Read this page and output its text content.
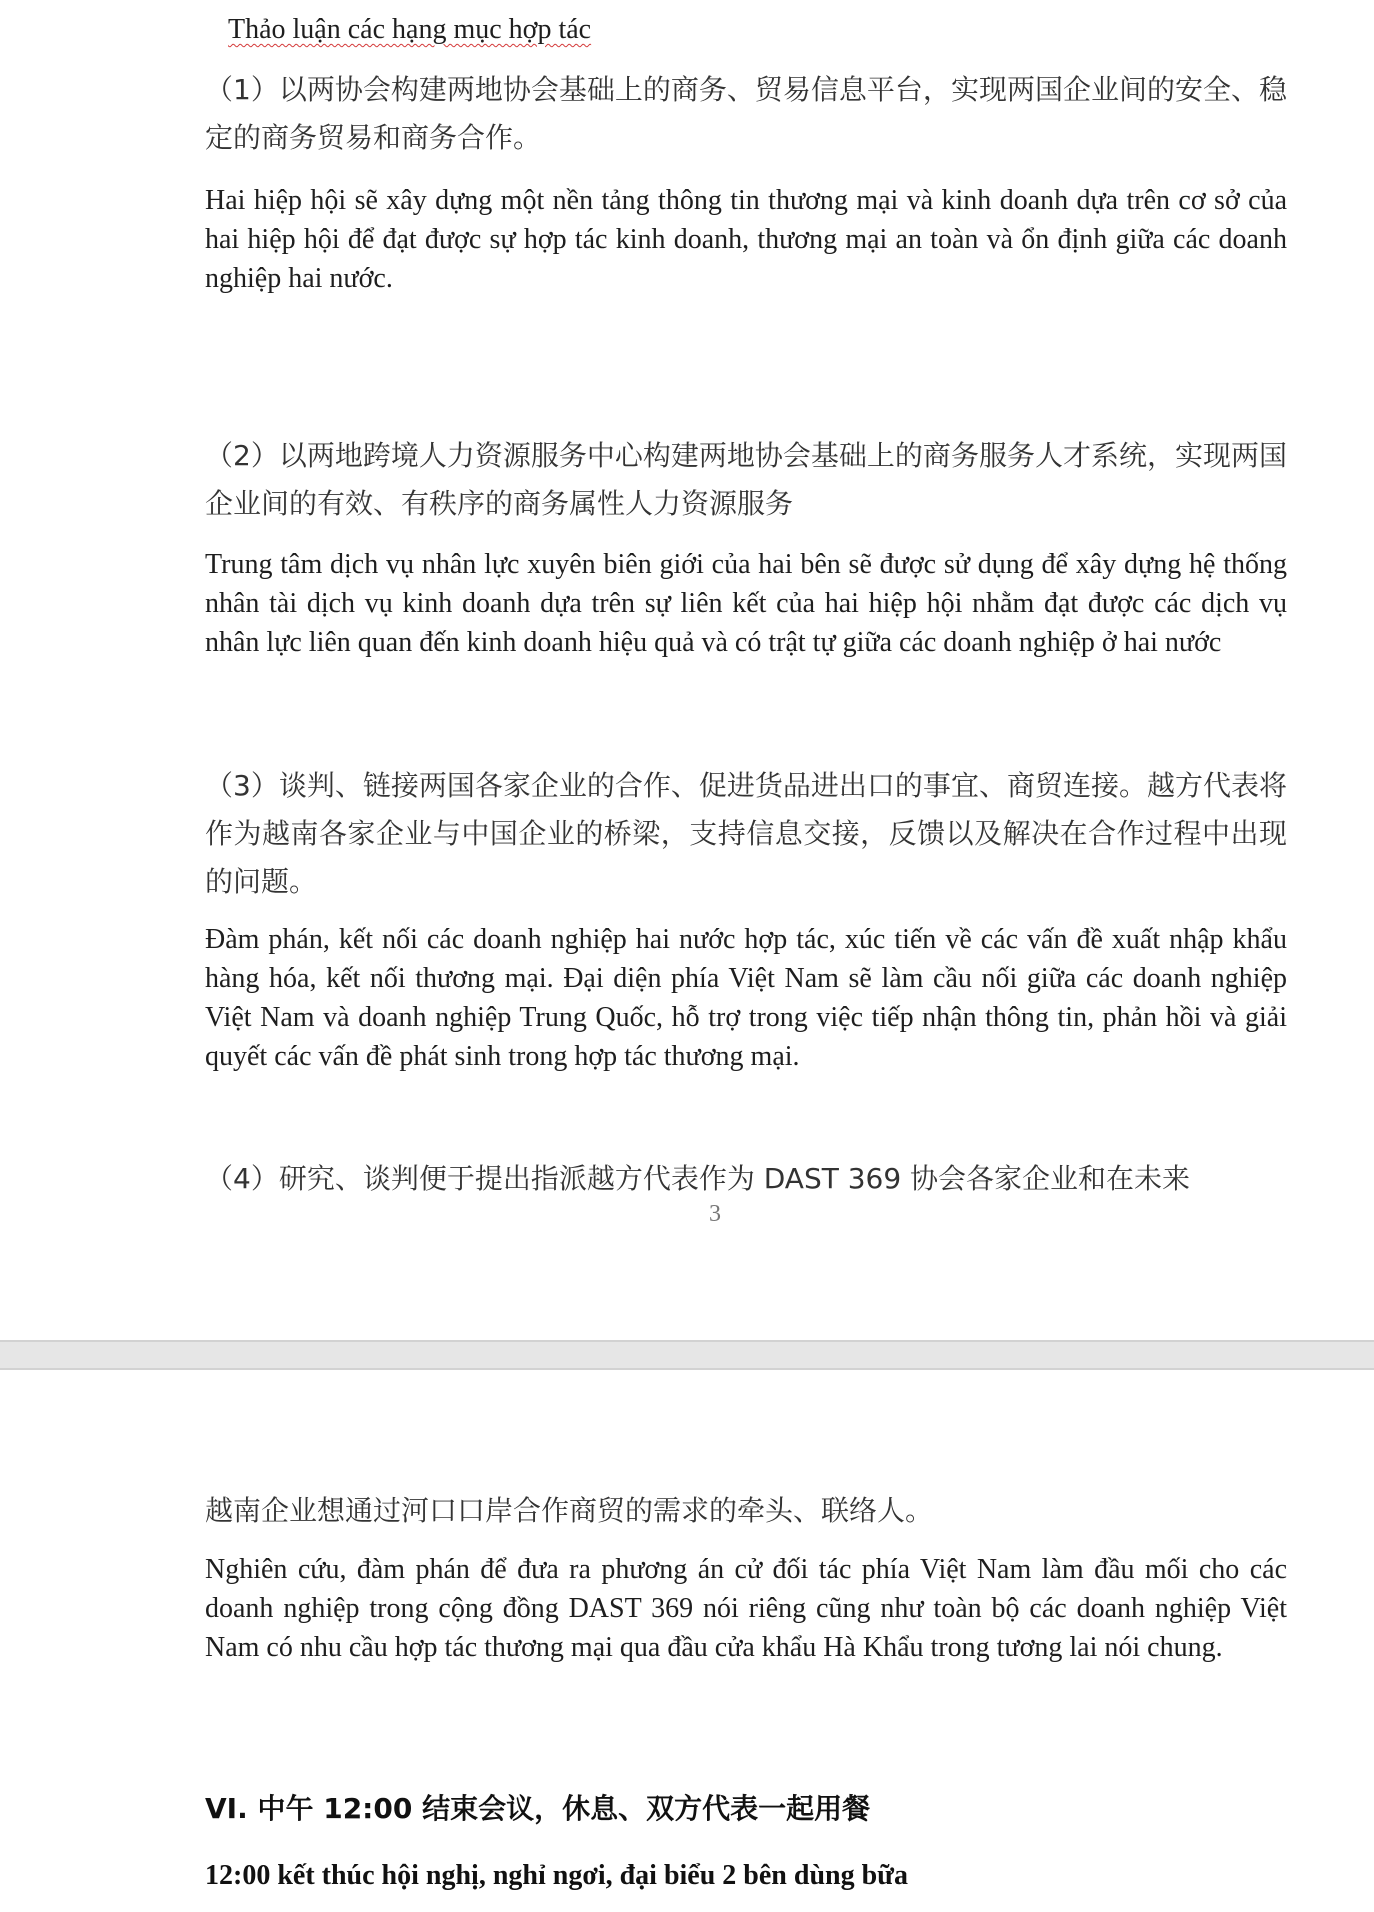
Thảo luận các hạng mục hợp tác

（1）以两协会构建两地协会基础上的商务、贸易信息平台，实现两国企业间的安全、稳定的商务贸易和商务合作。

Hai hiệp hội sẽ xây dựng một nền tảng thông tin thương mại và kinh doanh dựa trên cơ sở của hai hiệp hội để đạt được sự hợp tác kinh doanh, thương mại an toàn và ổn định giữa các doanh nghiệp hai nước.

（2）以两地跨境人力资源服务中心构建两地协会基础上的商务服务人才系统，实现两国企业间的有效、有秩序的商务属性人力资源服务

Trung tâm dịch vụ nhân lực xuyên biên giới của hai bên sẽ được sử dụng để xây dựng hệ thống nhân tài dịch vụ kinh doanh dựa trên sự liên kết của hai hiệp hội nhằm đạt được các dịch vụ nhân lực liên quan đến kinh doanh hiệu quả và có trật tự giữa các doanh nghiệp ở hai nước

（3）谈判、链接两国各家企业的合作、促进货品进出口的事宜、商贸连接。越方代表将作为越南各家企业与中国企业的桥梁，支持信息交接，反馈以及解决在合作过程中出现的问题。

Đàm phán, kết nối các doanh nghiệp hai nước hợp tác, xúc tiến về các vấn đề xuất nhập khẩu hàng hóa, kết nối thương mại. Đại diện phía Việt Nam sẽ làm cầu nối giữa các doanh nghiệp Việt Nam và doanh nghiệp Trung Quốc, hỗ trợ trong việc tiếp nhận thông tin, phản hồi và giải quyết các vấn đề phát sinh trong hợp tác thương mại.

（4）研究、谈判便于提出指派越方代表作为 DAST 369 协会各家企业和在未来

3

越南企业想通过河口口岸合作商贸的需求的牵头、联络人。

Nghiên cứu, đàm phán để đưa ra phương án cử đối tác phía Việt Nam làm đầu mối cho các doanh nghiệp trong cộng đồng DAST 369 nói riêng cũng như toàn bộ các doanh nghiệp Việt Nam có nhu cầu hợp tác thương mại qua đầu cửa khẩu Hà Khẩu trong tương lai nói chung.

VI. 中午 12:00 结束会议，休息、双方代表一起用餐

12:00 kết thúc hội nghị, nghỉ ngơi, đại biểu 2 bên dùng bữa
